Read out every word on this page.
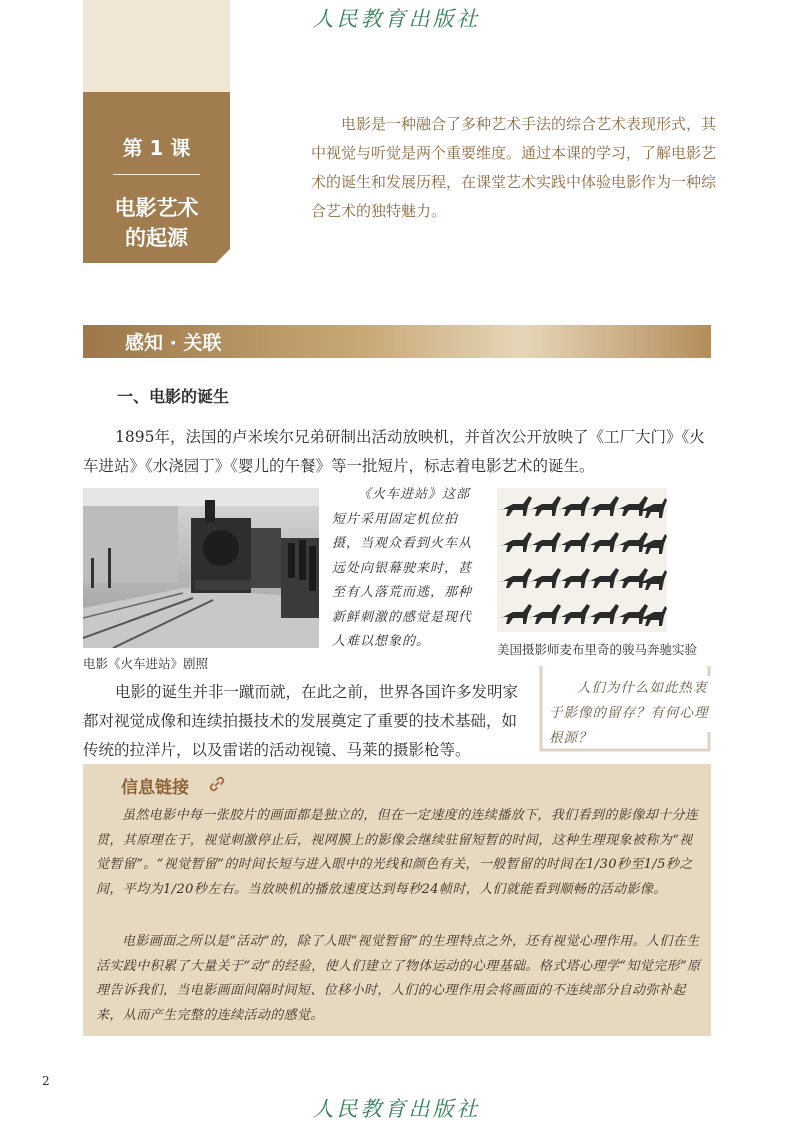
人民教育出版社
第 1 课
电影艺术
的起源
电影是一种融合了多种艺术手法的综合艺术表现形式，其中视觉与听觉是两个重要维度。通过本课的学习，了解电影艺术的诞生和发展历程，在课堂艺术实践中体验电影作为一种综合艺术的独特魅力。
感知 · 关联
一、电影的诞生
1895年，法国的卢米埃尔兄弟研制出活动放映机，并首次公开放映了《工厂大门》《火车进站》《水浇园丁》《婴儿的午餐》等一批短片，标志着电影艺术的诞生。
电影《火车进站》剧照
《火车进站》这部短片采用固定机位拍摄，当观众看到火车从远处向银幕驶来时，甚至有人落荒而逃，那种新鲜刺激的感觉是现代人难以想象的。
美国摄影师麦布里奇的骏马奔驰实验
电影的诞生并非一蹴而就，在此之前，世界各国许多发明家都对视觉成像和连续拍摄技术的发展奠定了重要的技术基础，如传统的拉洋片，以及雷诺的活动视镜、马莱的摄影枪等。
人们为什么如此热衷于影像的留存？有何心理根源？
信息链接
虽然电影中每一张胶片的画面都是独立的，但在一定速度的连续播放下，我们看到的影像却十分连贯，其原理在于，视觉刺激停止后，视网膜上的影像会继续驻留短暂的时间，这种生理现象被称为“视觉暂留”。“视觉暂留”的时间长短与进入眼中的光线和颜色有关，一般暂留的时间在1/30秒至1/5秒之间，平均为1/20秒左右。当放映机的播放速度达到每秒24帧时，人们就能看到顺畅的活动影像。
电影画面之所以是“活动”的，除了人眼“视觉暂留”的生理特点之外，还有视觉心理作用。人们在生活实践中积累了大量关于“动”的经验，使人们建立了物体运动的心理基础。格式塔心理学“知觉完形”原理告诉我们，当电影画面间隔时间短、位移小时，人们的心理作用会将画面的不连续部分自动弥补起来，从而产生完整的连续活动的感觉。
2
人民教育出版社
